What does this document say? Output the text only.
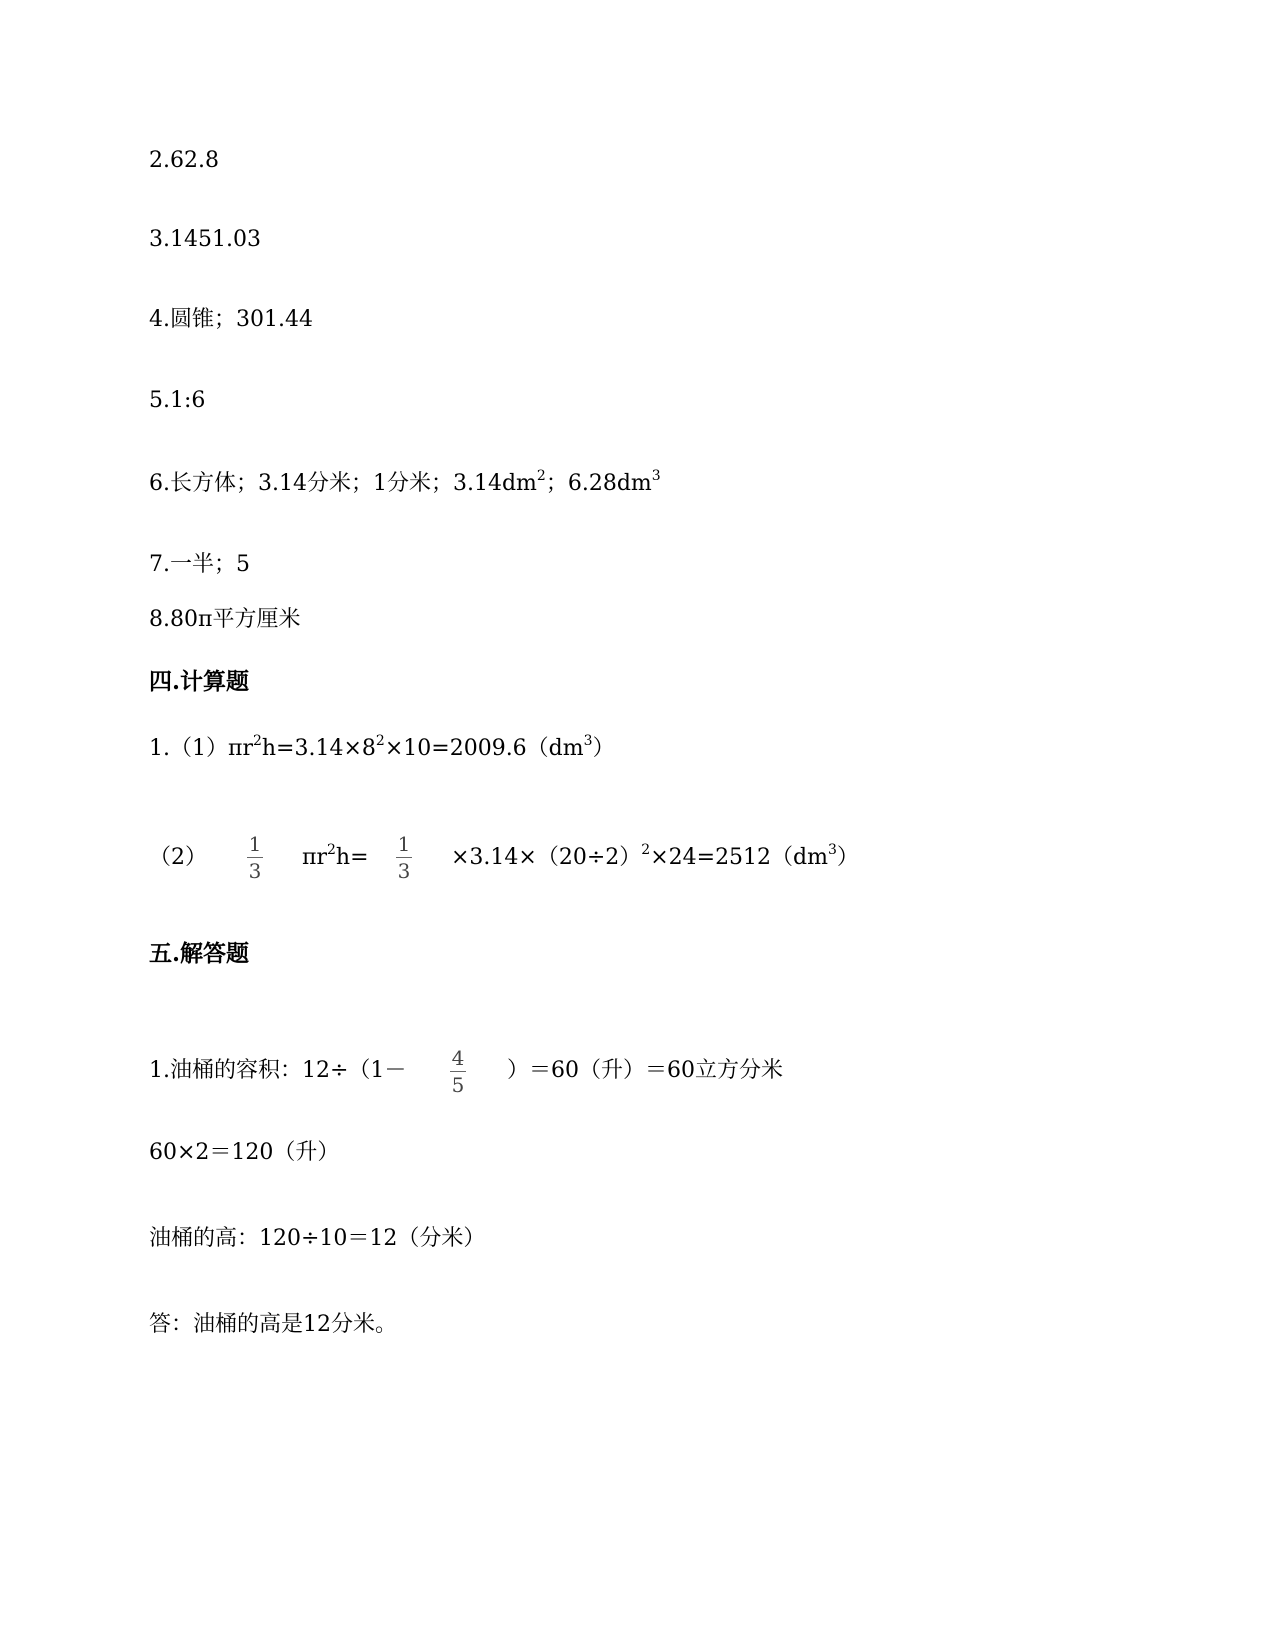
2.62.8
3.1451.03
4.圆锥；301.44
5.1:6
6.长方体；3.14分米；1分米；$3.14dm^2$；$6.28dm^3$
7.一半；5
8.80π平方厘米
四.计算题
$1.(1)\pi r^2h=3.14\times 8^2\times 10=2009.6(dm^3)$
（2）
1
3
$\pi r^2h=$
1
3
$\times 3.14\times(20\div 2)^2\times 24=2512(dm^3)$
五.解答题
1.油桶的容积：12÷（1－ 4
5
）＝60（升）＝60立方分米
60×2＝120（升）
油桶的高：120÷10＝12（分米）
答：油桶的高是12分米。
